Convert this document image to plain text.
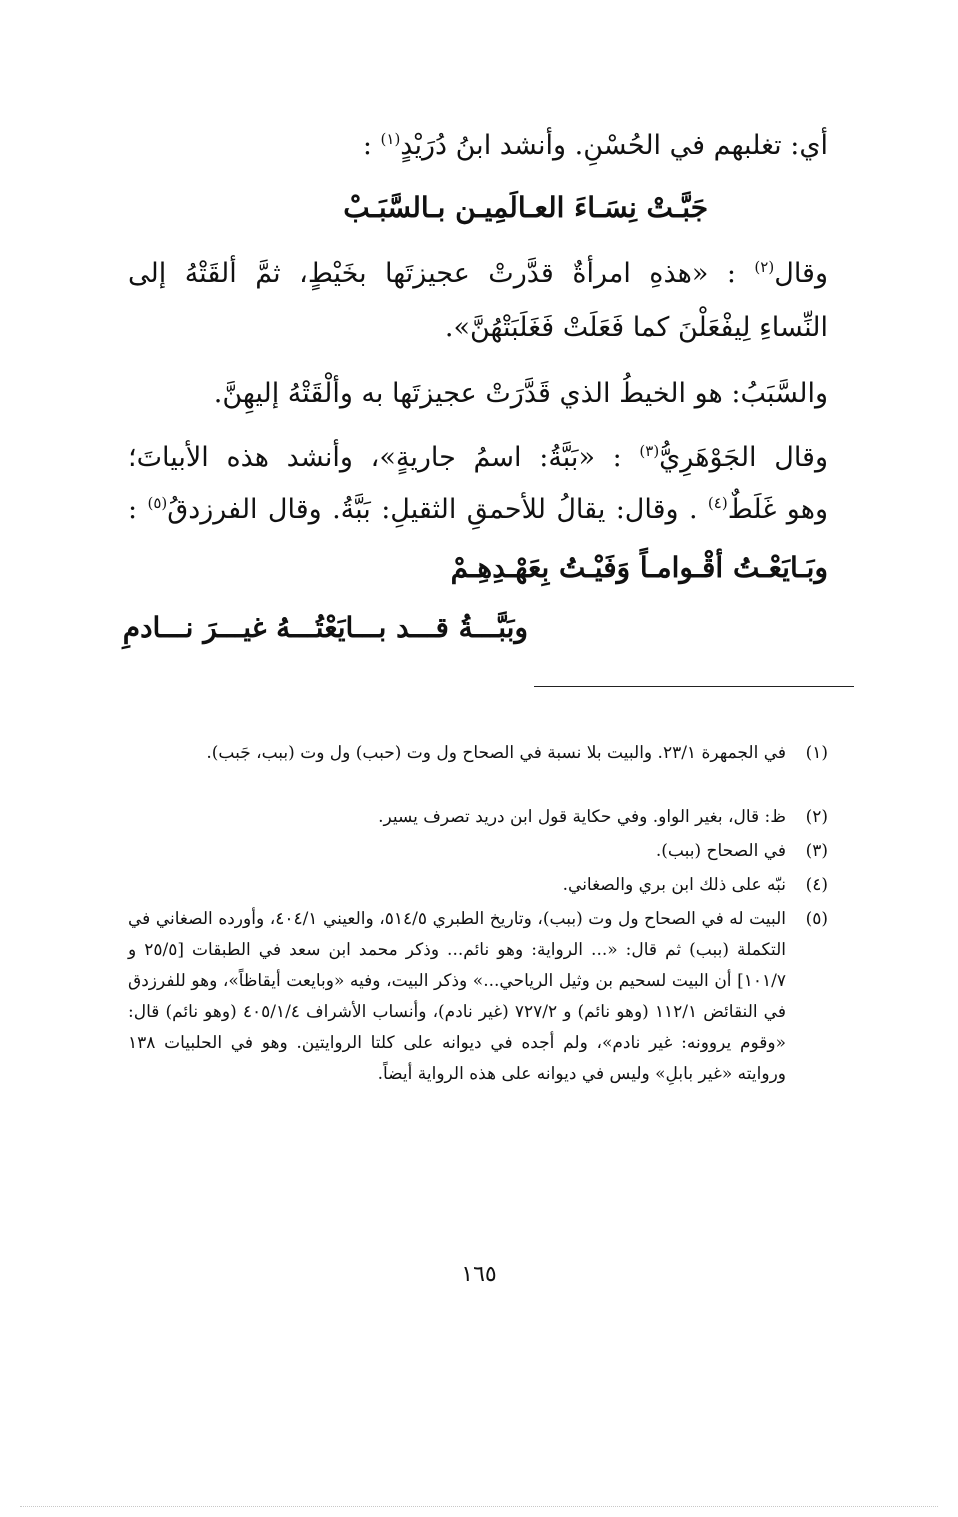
أي: تغلبهم في الحُسْنِ. وأنشد ابنُ دُرَيْدٍ$^{(١)}$ :
جَبَّـتْ نِسَـاءَ العـالَمِيـن بـالسَّبَـبْ
وقال$^{(٢)}$ : «هذهِ امرأةٌ قدَّرتْ عجيزتَها بخَيْطٍ، ثمَّ ألقَتْهُ إلى
النِّساءِ لِيفْعَلْنَ كما فَعَلَتْ فَغَلَبَتْهُنَّ».
والسَّبَبُ: هو الخيطُ الذي قَدَّرَتْ عجيزتَها به وألْقَتْهُ إليهِنَّ.
وقال الجَوْهَرِيُّ$^{(٣)}$ : «بَبَّةُ: اسمُ جاريةٍ»، وأنشد هذه الأبياتَ؛
وهو غَلَطٌ$^{(٤)}$ . وقال: يقالُ للأحمقِ الثقيلِ: بَبَّةُ. وقال الفرزدقُ$^{(٥)}$ :
وبَـايَعْـتُ أقْـوامـاً وَفَيْـتُ بِعَهْـدِهِـمْ
وبَبَّـــةُ قـــد بـــايَعْتُـــهُ غيـــرَ نـــادمِ
(١)
في الجمهرة ٢٣/١. والبيت بلا نسبة في الصحاح ول وت (حبب) ول وت (ببب، جَبب).
(٢)
ظ: قال، بغير الواو. وفي حكاية قول ابن دريد تصرف يسير.
(٣)
في الصحاح (ببب).
(٤)
نبّه على ذلك ابن بري والصغاني.
(٥)
البيت له في الصحاح ول وت (ببب)، وتاريخ الطبري ٥١٤/٥، والعيني ٤٠٤/١، وأورده الصغاني في التكملة (ببب) ثم قال: «... الرواية: وهو نائم... وذكر محمد ابن سعد في الطبقات [٢٥/٥ و ١٠١/٧] أن البيت لسحيم بن وثيل الرياحي...» وذكر البيت، وفيه «وبايعت أيقاظاً»، وهو للفرزدق في النقائض ١١٢/١ (وهو نائم) و ٧٢٧/٢ (غير نادم)، وأنساب الأشراف ٤٠٥/١/٤ (وهو نائم) قال: «وقوم يروونه: غير نادم»، ولم أجده في ديوانه على كلتا الروايتين. وهو في الحلبيات ١٣٨ وروايته «غير بابلِ» وليس في ديوانه على هذه الرواية أيضاً.
١٦٥
